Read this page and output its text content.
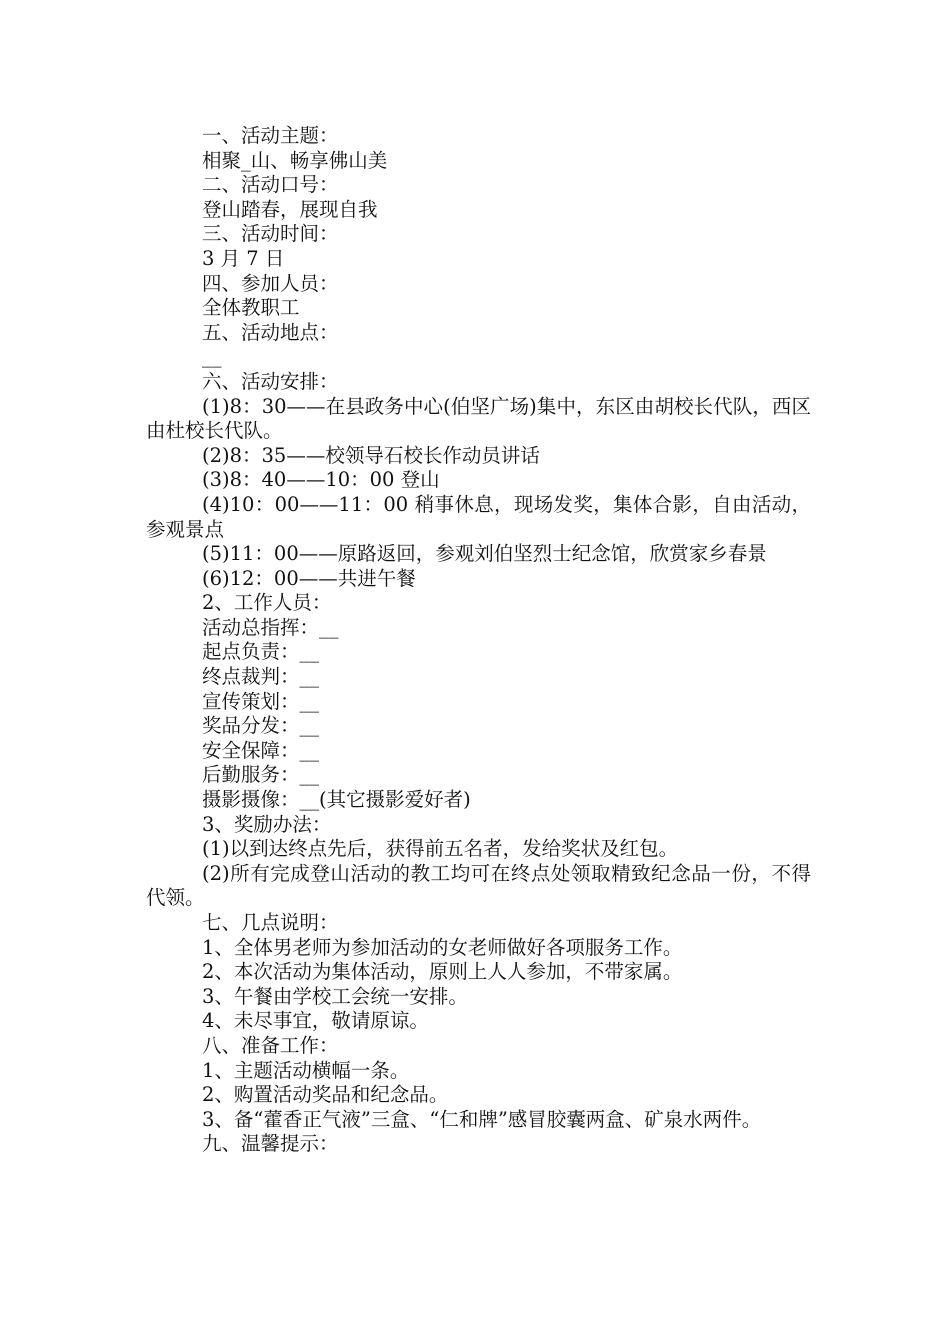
一、活动主题：
相聚_山、畅享佛山美
二、活动口号：
登山踏春，展现自我
三、活动时间：
3 月 7 日
四、参加人员：
全体教职工
五、活动地点：
__
六、活动安排：
(1)8：30——在县政务中心(伯坚广场)集中，东区由胡校长代队，西区由杜校长代队。
(2)8：35——校领导石校长作动员讲话
(3)8：40——10：00 登山
(4)10：00——11：00 稍事休息，现场发奖，集体合影，自由活动，参观景点
(5)11：00——原路返回，参观刘伯坚烈士纪念馆，欣赏家乡春景
(6)12：00——共进午餐
2、工作人员：
活动总指挥：__
起点负责：__
终点裁判：__
宣传策划：__
奖品分发：__
安全保障：__
后勤服务：__
摄影摄像：__(其它摄影爱好者)
3、奖励办法：
(1)以到达终点先后，获得前五名者，发给奖状及红包。
(2)所有完成登山活动的教工均可在终点处领取精致纪念品一份，不得代领。
七、几点说明：
1、全体男老师为参加活动的女老师做好各项服务工作。
2、本次活动为集体活动，原则上人人参加，不带家属。
3、午餐由学校工会统一安排。
4、未尽事宜，敬请原谅。
八、准备工作：
1、主题活动横幅一条。
2、购置活动奖品和纪念品。
3、备“藿香正气液”三盒、“仁和牌”感冒胶囊两盒、矿泉水两件。
九、温馨提示：
